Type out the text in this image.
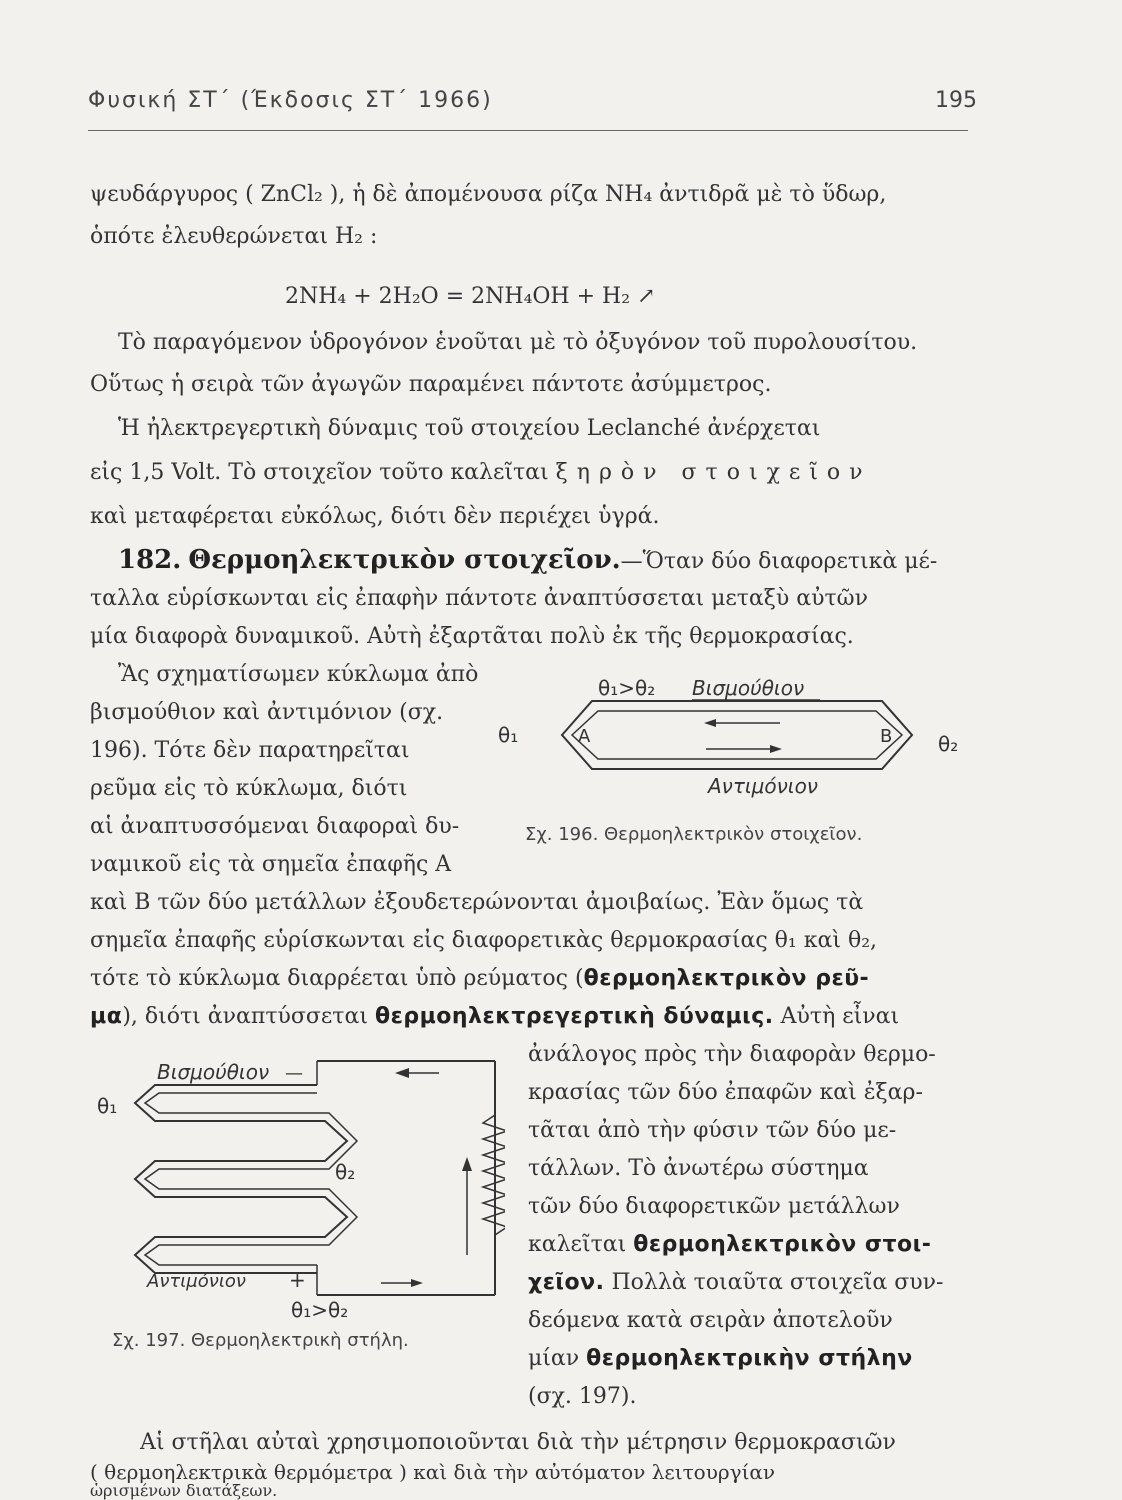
Φυσική ΣΤ΄ (Έκδοσις ΣΤ΄ 1966)	195
ψευδάργυρος ( ZnCl₂ ), ἡ δὲ ἀπομένουσα ρίζα NH₄ ἀντιδρᾶ μὲ τὸ ὕδωρ,
ὁπότε ἐλευθερώνεται H₂ :
2NH₄ + 2H₂O = 2NH₄OH + H₂ ↗
Τὸ παραγόμενον ὑδρογόνον ἑνοῦται μὲ τὸ ὀξυγόνον τοῦ πυρολουσίτου.
Οὕτως ἡ σειρὰ τῶν ἀγωγῶν παραμένει πάντοτε ἀσύμμετρος.
Ἡ ἠλεκτρεγερτικὴ δύναμις τοῦ στοιχείου Leclanché ἀνέρχεται
εἰς 1,5 Volt. Τὸ στοιχεῖον τοῦτο καλεῖται ξηρὸν στοιχεῖον
καὶ μεταφέρεται εὐκόλως, διότι δὲν περιέχει ὑγρά.
182. Θερμοηλεκτρικὸν στοιχεῖον.—Ὅταν δύο διαφορετικὰ μέ-
ταλλα εὑρίσκωνται εἰς ἐπαφὴν πάντοτε ἀναπτύσσεται μεταξὺ αὐτῶν
μία διαφορὰ δυναμικοῦ. Αὐτὴ ἐξαρτᾶται πολὺ ἐκ τῆς θερμοκρασίας.
Ἂς σχηματίσωμεν κύκλωμα ἀπὸ
βισμούθιον καὶ ἀντιμόνιον (σχ.
196). Τότε δὲν παρατηρεῖται
ρεῦμα εἰς τὸ κύκλωμα, διότι
αἱ ἀναπτυσσόμεναι διαφοραὶ δυ-
ναμικοῦ εἰς τὰ σημεῖα ἐπαφῆς Α
καὶ Β τῶν δύο μετάλλων ἐξουδετερώνονται ἀμοιβαίως. Ἐὰν ὅμως τὰ
σημεῖα ἐπαφῆς εὑρίσκωνται εἰς διαφορετικὰς θερμοκρασίας θ₁ καὶ θ₂,
τότε τὸ κύκλωμα διαρρέεται ὑπὸ ρεύματος (θερμοηλεκτρικὸν ρεῦ-
μα), διότι ἀναπτύσσεται θερμοηλεκτρεγερτικὴ δύναμις. Αὐτὴ εἶναι
ἀνάλογος πρὸς τὴν διαφορὰν θερμο-
κρασίας τῶν δύο ἐπαφῶν καὶ ἐξαρ-
τᾶται ἀπὸ τὴν φύσιν τῶν δύο με-
τάλλων. Τὸ ἀνωτέρω σύστημα
τῶν δύο διαφορετικῶν μετάλλων
καλεῖται θερμοηλεκτρικὸν στοι-
χεῖον. Πολλὰ τοιαῦτα στοιχεῖα συν-
δεόμενα κατὰ σειρὰν ἀποτελοῦν
μίαν θερμοηλεκτρικὴν στήλην
(σχ. 197).
Αἱ στῆλαι αὐταὶ χρησιμοποιοῦνται διὰ τὴν μέτρησιν θερμοκρασιῶν
( θερμοηλεκτρικὰ θερμόμετρα ) καὶ διὰ τὴν αὐτόματον λειτουργίαν
θ₁>θ₂ Βισμούθιον
θ₁	A	B θ₂
Αντιμόνιον
Σχ. 196. Θερμοηλεκτρικὸν στοιχεῖον.
Βισμούθιον —
θ₁
θ₂
Αντιμόνιον +
θ₁>θ₂
Σχ. 197. Θερμοηλεκτρικὴ στήλη.
ὡρισμένων διατάξεων.
